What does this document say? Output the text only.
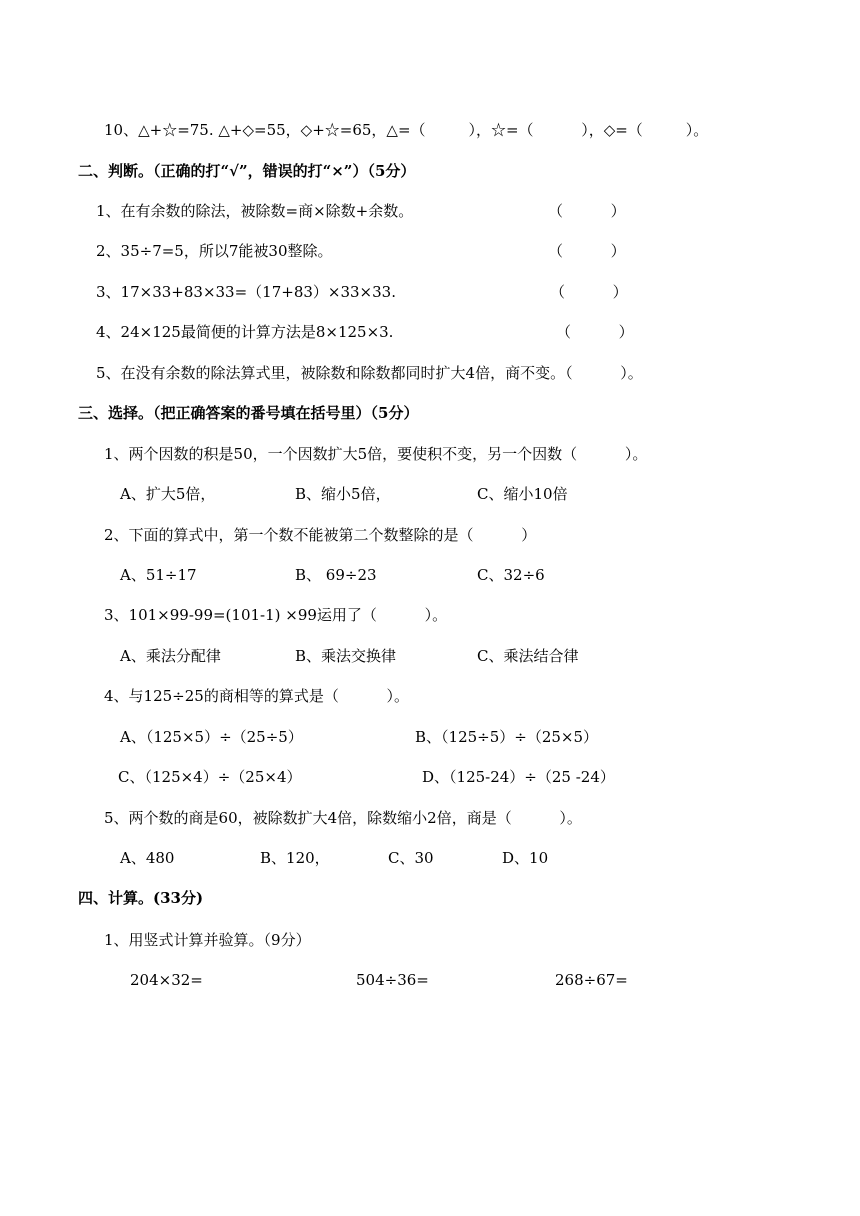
10、△+☆=75. △+◇=55，◇+☆=65，△=（         ），☆=（          ），◇=（         ）。
二、判断。（正确的打“√”，错误的打“×”）（5分）
1、在有余数的除法，被除数=商×除数+余数。	（          ）
2、35÷7=5，所以7能被30整除。	（          ）
3、17×33+83×33=（17+83）×33×33.	（          ）
4、24×125最简便的计算方法是8×125×3.	（          ）
5、在没有余数的除法算式里，被除数和除数都同时扩大4倍，商不变。（          ）。
三、选择。（把正确答案的番号填在括号里）（5分）
1、两个因数的积是50，一个因数扩大5倍，要使积不变，另一个因数（          ）。
A、扩大5倍，	B、缩小5倍，	C、缩小10倍
2、下面的算式中，第一个数不能被第二个数整除的是（          ）
A、51÷17	B、 69÷23	C、32÷6
3、101×99-99=(101-1) ×99运用了（          ）。
A、乘法分配律	B、乘法交换律	C、乘法结合律
4、与125÷25的商相等的算式是（          ）。
A、（125×5）÷（25÷5）	B、（125÷5）÷（25×5）
C、（125×4）÷（25×4）	D、（125-24）÷（25 -24）
5、两个数的商是60，被除数扩大4倍，除数缩小2倍，商是（          ）。
A、480	B、120，	C、30	D、10
四、计算。(33分)
1、用竖式计算并验算。（9分）
204×32=	504÷36=	268÷67=
